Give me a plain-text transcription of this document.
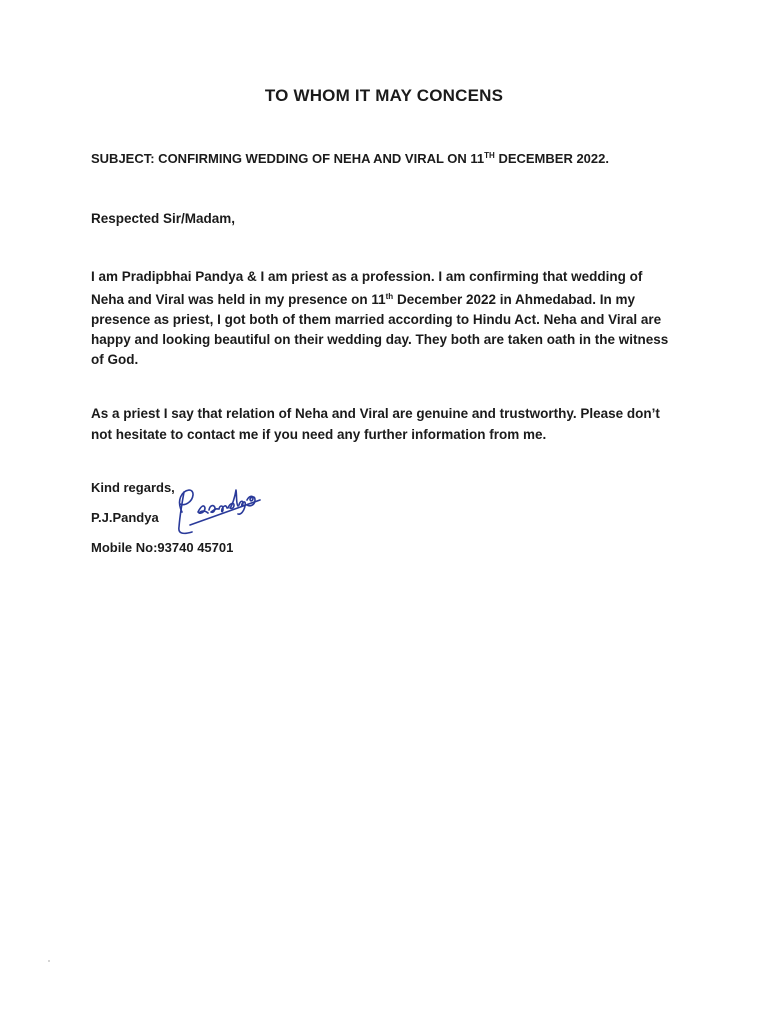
TO WHOM IT MAY CONCENS
SUBJECT: CONFIRMING WEDDING OF NEHA AND VIRAL ON 11TH DECEMBER 2022.
Respected Sir/Madam,
I am Pradipbhai Pandya & I am priest as a profession. I am confirming that wedding of
Neha and Viral was held in my presence on 11th December 2022 in Ahmedabad. In my
presence as priest, I got both of them married according to Hindu Act. Neha and Viral are
happy and looking beautiful on their wedding day. They both are taken oath in the witness
of God.
As a priest I say that relation of Neha and Viral are genuine and trustworthy. Please don’t
not hesitate to contact me if you need any further information from me.
Kind regards,
P.J.Pandya
Mobile No:93740 45701
